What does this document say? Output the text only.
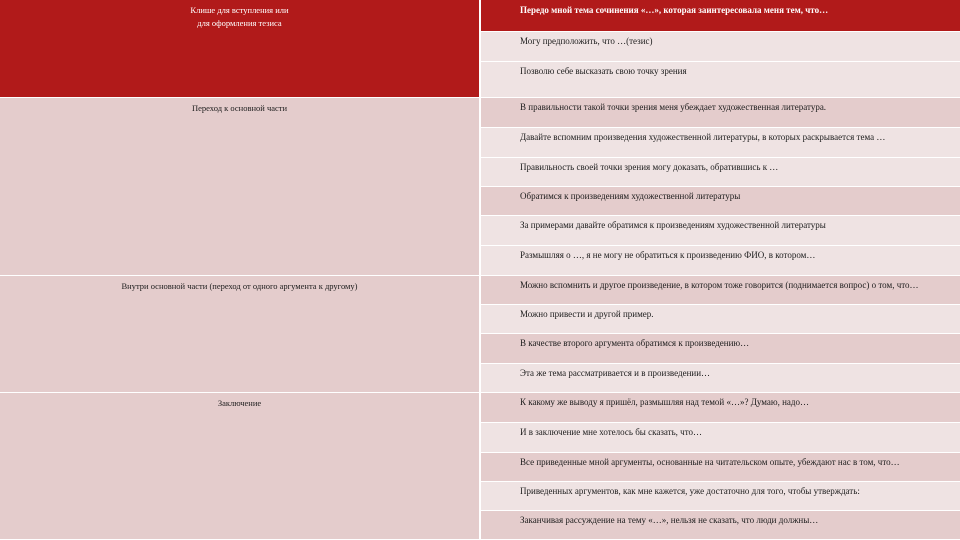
Клише для вступления или
для оформления тезиса
Переход к основной части
Внутри основной части (переход от одного аргумента к другому)
Заключение
Передо мной тема сочинения «…», которая заинтересовала меня тем, что…
Могу предположить, что …(тезис)
Позволю себе высказать свою точку зрения
В правильности такой точки зрения меня убеждает художественная литература.
Давайте вспомним произведения художественной литературы, в которых раскрывается тема …
Правильность своей точки зрения могу доказать, обратившись к …
Обратимся к произведениям художественной литературы
За примерами давайте обратимся к произведениям художественной литературы
Размышляя о …, я не могу не обратиться к произведению ФИО, в котором…
Можно вспомнить и другое произведение, в котором тоже говорится (поднимается вопрос) о том, что…
Можно привести и другой пример.
В качестве второго аргумента обратимся к произведению…
Эта же тема рассматривается и в произведении…
К какому же выводу я пришёл, размышляя над темой «…»? Думаю, надо…
И в заключение мне хотелось бы сказать, что…
Все приведенные мной аргументы, основанные на читательском опыте, убеждают нас в том, что…
Приведенных аргументов, как мне кажется, уже достаточно для того, чтобы утверждать:
Заканчивая рассуждение на тему «…», нельзя не сказать, что люди должны…
